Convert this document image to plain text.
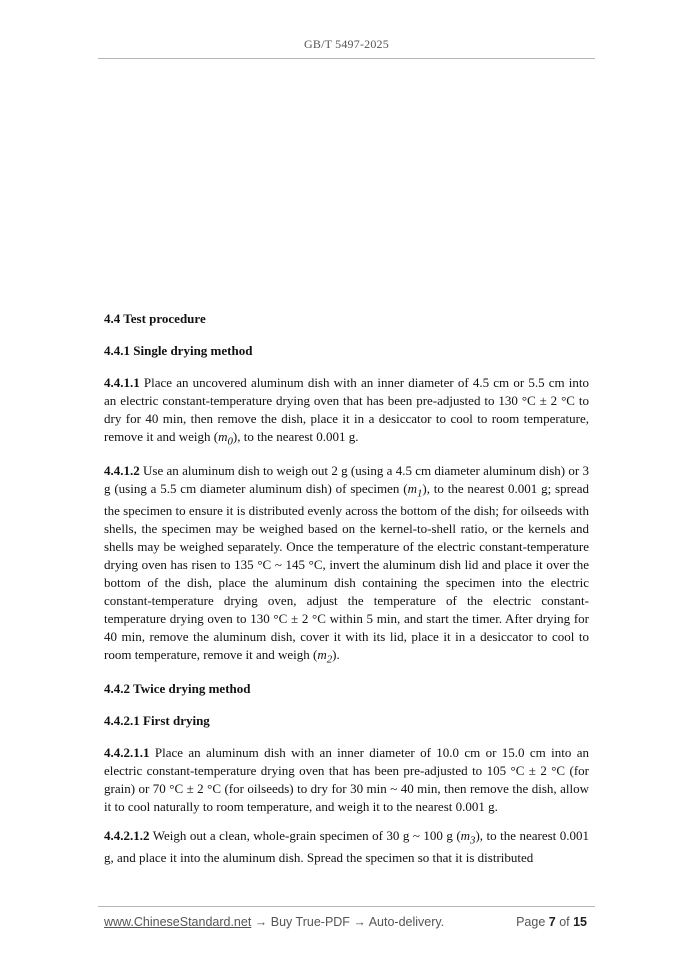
GB/T 5497-2025

4.4 Test procedure

4.4.1 Single drying method

4.4.1.1 Place an uncovered aluminum dish with an inner diameter of 4.5 cm or 5.5 cm into an electric constant-temperature drying oven that has been pre-adjusted to 130 °C ± 2 °C to dry for 40 min, then remove the dish, place it in a desiccator to cool to room temperature, remove it and weigh $(m_0)$, to the nearest 0.001 g.

4.4.1.2 Use an aluminum dish to weigh out 2 g (using a 4.5 cm diameter aluminum dish) or 3 g (using a 5.5 cm diameter aluminum dish) of specimen $(m_1)$, to the nearest 0.001 g; spread the specimen to ensure it is distributed evenly across the bottom of the dish; for oilseeds with shells, the specimen may be weighed based on the kernel-to-shell ratio, or the kernels and shells may be weighed separately. Once the temperature of the electric constant-temperature drying oven has risen to 135 °C ~ 145 °C, invert the aluminum dish lid and place it over the bottom of the dish, place the aluminum dish containing the specimen into the electric constant-temperature drying oven, adjust the temperature of the electric constant-temperature drying oven to 130 °C ± 2 °C within 5 min, and start the timer. After drying for 40 min, remove the aluminum dish, cover it with its lid, place it in a desiccator to cool to room temperature, remove it and weigh $(m_2)$.

4.4.2 Twice drying method

4.4.2.1 First drying

4.4.2.1.1 Place an aluminum dish with an inner diameter of 10.0 cm or 15.0 cm into an electric constant-temperature drying oven that has been pre-adjusted to 105 °C ± 2 °C (for grain) or 70 °C ± 2 °C (for oilseeds) to dry for 30 min ~ 40 min, then remove the dish, allow it to cool naturally to room temperature, and weigh it to the nearest 0.001 g.

4.4.2.1.2 Weigh out a clean, whole-grain specimen of 30 g ~ 100 g $(m_3)$, to the nearest 0.001 g, and place it into the aluminum dish. Spread the specimen so that it is distributed

www.ChineseStandard.net → Buy True-PDF → Auto-delivery.	Page 7 of 15
